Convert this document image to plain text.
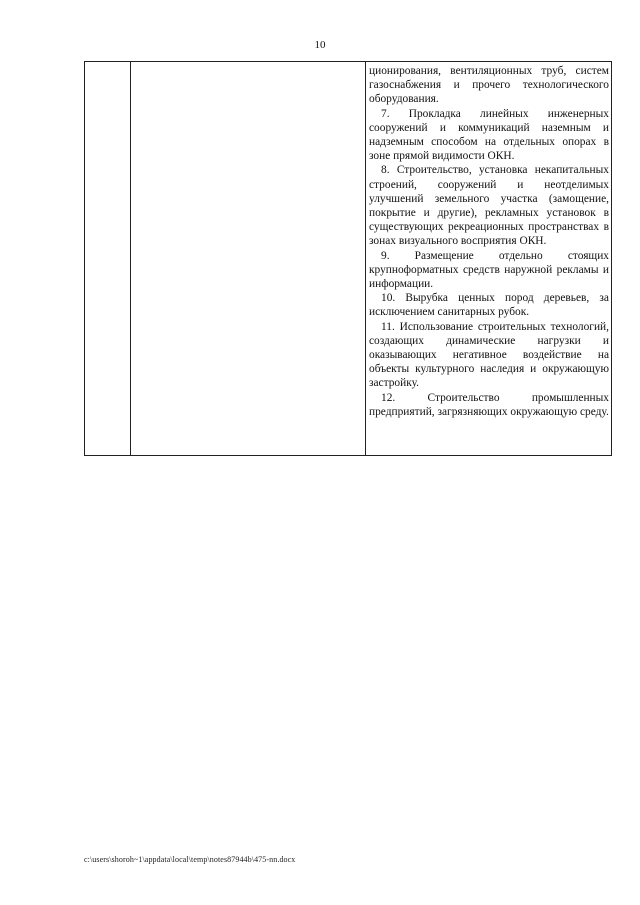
10

ционирования, вентиляционных труб, систем газоснабжения и прочего технологического оборудования.

7. Прокладка линейных инженерных сооружений и коммуникаций наземным и надземным способом на отдельных опорах в зоне прямой видимости ОКН.

8. Строительство, установка некапитальных строений, сооружений и неотделимых улучшений земельного участка (замощение, покрытие и другие), рекламных установок в существующих рекреационных пространствах в зонах визуального восприятия ОКН.

9. Размещение отдельно стоящих крупноформатных средств наружной рекламы и информации.

10. Вырубка ценных пород деревьев, за исключением санитарных рубок.

11. Использование строительных технологий, создающих динамические нагрузки и оказывающих негативное воздействие на объекты культурного наследия и окружающую застройку.

12. Строительство промышленных предприятий, загрязняющих окружающую среду.

c:\users\shoroh~1\appdata\local\temp\notes87944b\475-nn.docx
